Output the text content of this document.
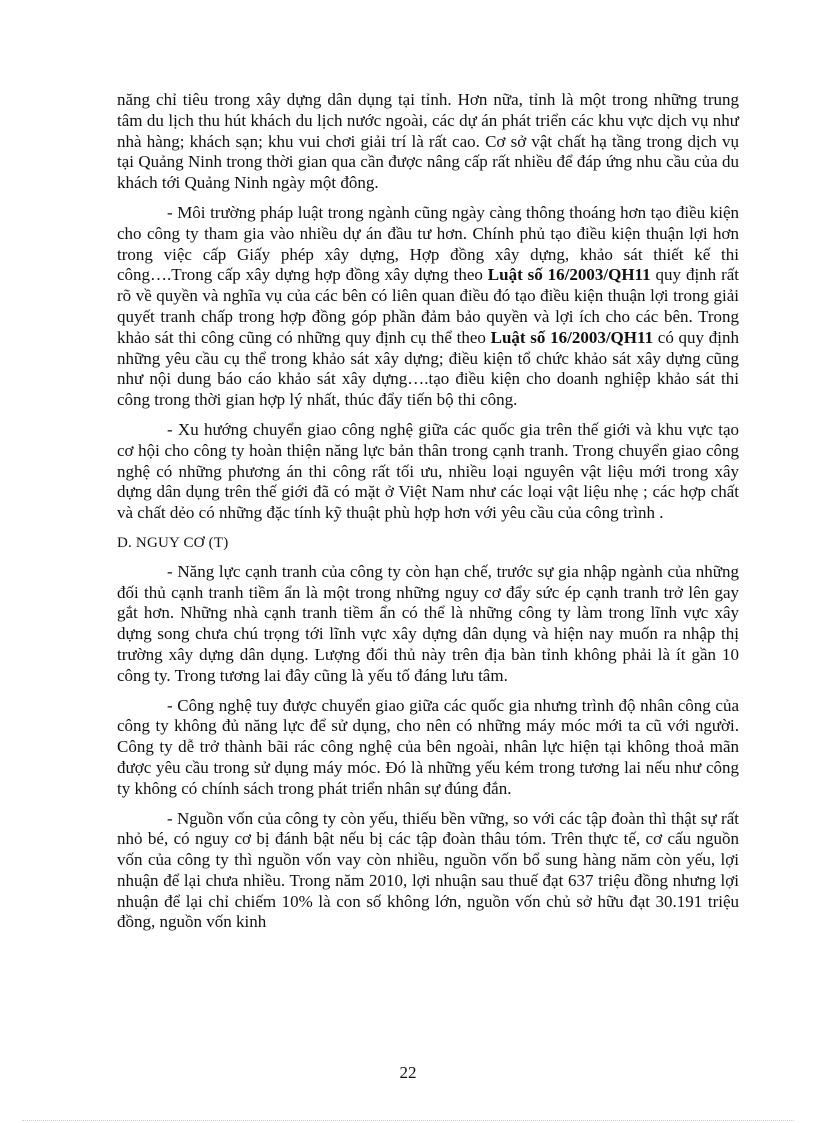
năng chỉ tiêu trong xây dựng dân dụng tại tỉnh. Hơn nữa, tỉnh là một trong những trung tâm du lịch thu hút khách du lịch nước ngoài, các dự án phát triển các khu vực dịch vụ như nhà hàng; khách sạn; khu vui chơi giải trí là rất cao. Cơ sở vật chất hạ tầng trong dịch vụ tại Quảng Ninh trong thời gian qua cần được nâng cấp rất nhiều để đáp ứng nhu cầu của du khách tới Quảng Ninh ngày một đông.

- Môi trường pháp luật trong ngành cũng ngày càng thông thoáng hơn tạo điều kiện cho công ty tham gia vào nhiều dự án đầu tư hơn. Chính phủ tạo điều kiện thuận lợi hơn trong việc cấp Giấy phép xây dựng, Hợp đồng xây dựng, khảo sát thiết kế thi công….Trong cấp xây dựng hợp đồng xây dựng theo Luật số 16/2003/QH11 quy định rất rõ về quyền và nghĩa vụ của các bên có liên quan điều đó tạo điều kiện thuận lợi trong giải quyết tranh chấp trong hợp đồng góp phần đảm bảo quyền và lợi ích cho các bên. Trong khảo sát thi công cũng có những quy định cụ thể theo Luật số 16/2003/QH11 có quy định những yêu cầu cụ thể trong khảo sát xây dựng; điều kiện tổ chức khảo sát xây dựng cũng như nội dung báo cáo khảo sát xây dựng….tạo điều kiện cho doanh nghiệp khảo sát thi công trong thời gian hợp lý nhất, thúc đẩy tiến bộ thi công.

- Xu hướng chuyển giao công nghệ giữa các quốc gia trên thế giới và khu vực tạo cơ hội cho công ty hoàn thiện năng lực bản thân trong cạnh tranh. Trong chuyển giao công nghệ có những phương án thi công rất tối ưu, nhiều loại nguyên vật liệu mới trong xây dựng dân dụng trên thế giới đã có mặt ở Việt Nam như các loại vật liệu nhẹ ; các hợp chất và chất dẻo có những đặc tính kỹ thuật phù hợp hơn với yêu cầu của công trình .

D. NGUY CƠ (T)

- Năng lực cạnh tranh của công ty còn hạn chế, trước sự gia nhập ngành của những đối thủ cạnh tranh tiềm ẩn là một trong những nguy cơ đẩy sức ép cạnh tranh trở lên gay gắt hơn. Những nhà cạnh tranh tiềm ẩn có thể là những công ty làm trong lĩnh vực xây dựng song chưa chú trọng tới lĩnh vực xây dựng dân dụng và hiện nay muốn ra nhập thị trường xây dựng dân dụng. Lượng đối thủ này trên địa bàn tỉnh không phải là ít gần 10 công ty. Trong tương lai đây cũng là yếu tố đáng lưu tâm.

- Công nghệ tuy được chuyển giao giữa các quốc gia nhưng trình độ nhân công của công ty không đủ năng lực để sử dụng, cho nên có những máy móc mới ta cũ với người. Công ty dễ trở thành bãi rác công nghệ của bên ngoài, nhân lực hiện tại không thoả mãn được yêu cầu trong sử dụng máy móc. Đó là những yếu kém trong tương lai nếu như công ty không có chính sách trong phát triển nhân sự đúng đắn.

- Nguồn vốn của công ty còn yếu, thiếu bền vững, so với các tập đoàn thì thật sự rất nhỏ bé, có nguy cơ bị đánh bật nếu bị các tập đoàn thâu tóm. Trên thực tế, cơ cấu nguồn vốn của công ty thì nguồn vốn vay còn nhiều, nguồn vốn bổ sung hàng năm còn yếu, lợi nhuận để lại chưa nhiều. Trong năm 2010, lợi nhuận sau thuế đạt 637 triệu đồng nhưng lợi nhuận để lại chỉ chiếm 10% là con số không lớn, nguồn vốn chủ sở hữu đạt 30.191 triệu đồng, nguồn vốn kinh

22
